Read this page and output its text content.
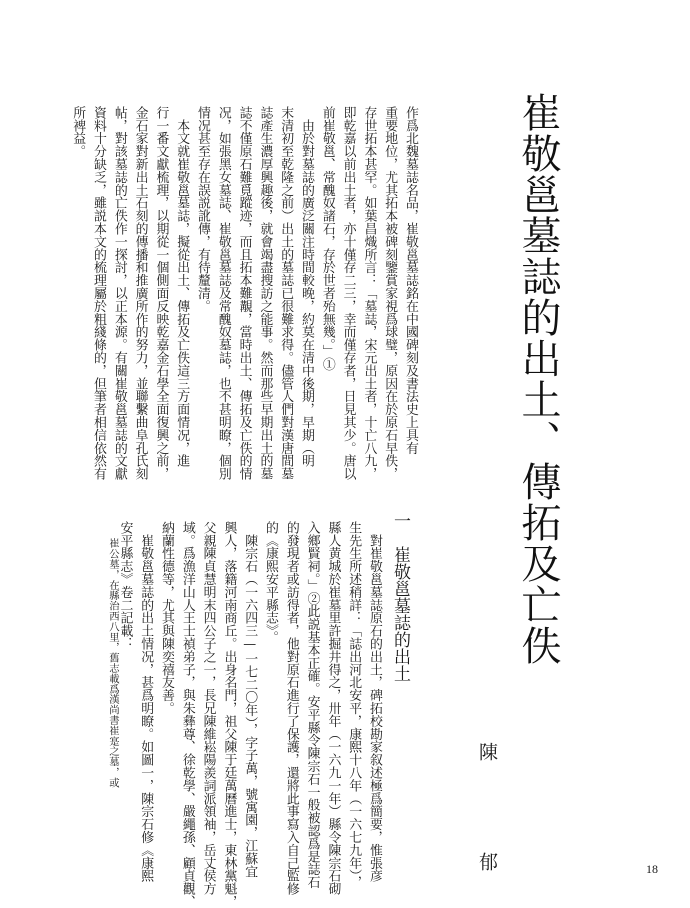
崔敬邕墓誌的出土、傳拓及亡佚
陳　郁
一　崔敬邕墓誌的出土
作爲北魏墓誌名品，崔敬邕墓誌銘在中國碑刻及書法史上具有
重要地位，尤其拓本被碑刻鑒賞家視爲球璧，原因在於原石早佚，
存世拓本甚罕。如葉昌熾所言：「墓誌，宋元出土者，十亡八九，
即乾嘉以前出土者，亦十僅存二三，幸而僅存者，日見其少。唐以
前崔敬邕、常醜奴諸石，存於世者殆無幾。」①
　由於對墓誌的廣泛關注時間較晚，約莫在清中後期，早期（明
末清初至乾隆之前）出土的墓誌已很難求得。儘管人們對漢唐間墓
誌產生濃厚興趣後，就會竭盡搜訪之能事。然而那些早期出土的墓
誌不僅原石難覓蹤迹，而且拓本難覯，當時出土、傳拓及亡佚的情
况，如張黑女墓誌、崔敬邕墓誌及常醜奴墓誌，也不甚明瞭，個別
情况甚至存在誤説訛傳，有待釐清。
　本文就崔敬邕墓誌，擬從出土、傳拓及亡佚這三方面情况，進
行一番文獻梳理，以期從一個側面反映乾嘉金石學全面復興之前，
金石家對新出土石刻的傳播和推廣所作的努力，並聯繫曲阜孔氏刻
帖，對該墓誌的亡佚作一探討，以正本源。有關崔敬邕墓誌的文獻
資料十分缺乏，雖説本文的梳理屬於粗綫條的，但筆者相信依然有
所裨益。
　對崔敬邕墓誌原石的出土，碑拓校勘家叙述極爲簡要，惟張彦
生先生所述稍詳：「誌出河北安平，康熙十八年（一六七九年），
縣人黄城於崔墓里許掘井得之，卅年（一六九一年）縣令陳宗石砌
入鄉賢祠。」②此説基本正確。安平縣令陳宗石一般被認爲是誌石
的發現者或訪得者，他對原石進行了保護，還將此事寫入自己監修
的《康熙安平縣志》。
　陳宗石（一六四三—一七二〇年），字子萬，號寓園，江蘇宜
興人，落籍河南商丘。出身名門，祖父陳于廷萬曆進士，東林黨魁，
父親陳貞慧明末四公子之一，長兄陳維崧陽羨詞派領袖，岳丈侯方
域。爲漁洋山人王士禎弟子，與朱彝尊、徐乾學、嚴繩孫、顧貞觀、
納蘭性德等，尤其與陳奕禧友善。
　崔敬邕墓誌的出土情况，甚爲明瞭。如圖一，陳宗石修《康熙
安平縣志》卷二記載：
崔公墓，在縣治西八里，舊志載爲漢尚書崔寔之墓，或
18
